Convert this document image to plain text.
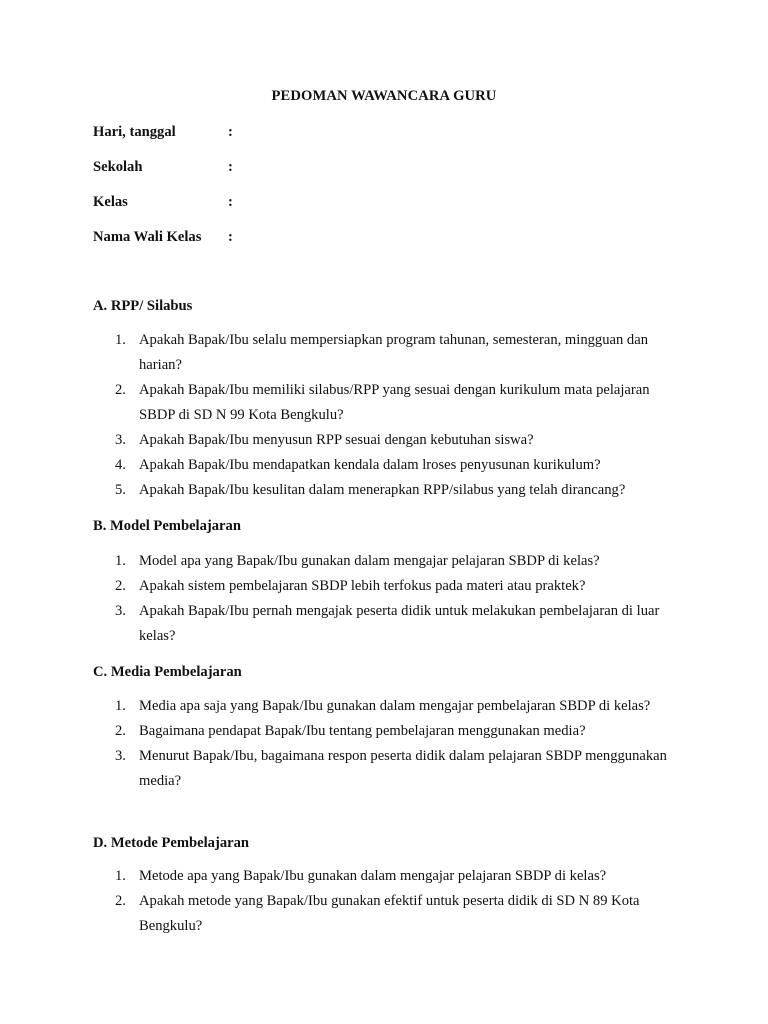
PEDOMAN WAWANCARA GURU
Hari, tanggal	:
Sekolah	:
Kelas	:
Nama Wali Kelas :
A. RPP/ Silabus
1. Apakah Bapak/Ibu selalu mempersiapkan program tahunan, semesteran, mingguan dan harian?
2. Apakah Bapak/Ibu memiliki silabus/RPP yang sesuai dengan kurikulum mata pelajaran SBDP di SD N 99 Kota Bengkulu?
3. Apakah Bapak/Ibu menyusun RPP sesuai dengan kebutuhan siswa?
4. Apakah Bapak/Ibu mendapatkan kendala dalam lroses penyusunan kurikulum?
5. Apakah Bapak/Ibu kesulitan dalam menerapkan RPP/silabus yang telah dirancang?
B. Model Pembelajaran
1. Model apa yang Bapak/Ibu gunakan dalam mengajar pelajaran SBDP di kelas?
2. Apakah sistem pembelajaran SBDP lebih terfokus pada materi atau praktek?
3. Apakah Bapak/Ibu pernah mengajak peserta didik untuk melakukan pembelajaran di luar kelas?
C. Media Pembelajaran
1. Media apa saja yang Bapak/Ibu gunakan dalam mengajar pembelajaran SBDP di kelas?
2. Bagaimana pendapat Bapak/Ibu tentang pembelajaran menggunakan media?
3. Menurut Bapak/Ibu, bagaimana respon peserta didik dalam pelajaran SBDP menggunakan media?
D. Metode Pembelajaran
1. Metode apa yang Bapak/Ibu gunakan dalam mengajar pelajaran SBDP di kelas?
2. Apakah metode yang Bapak/Ibu gunakan efektif untuk peserta didik di SD N 89 Kota Bengkulu?
